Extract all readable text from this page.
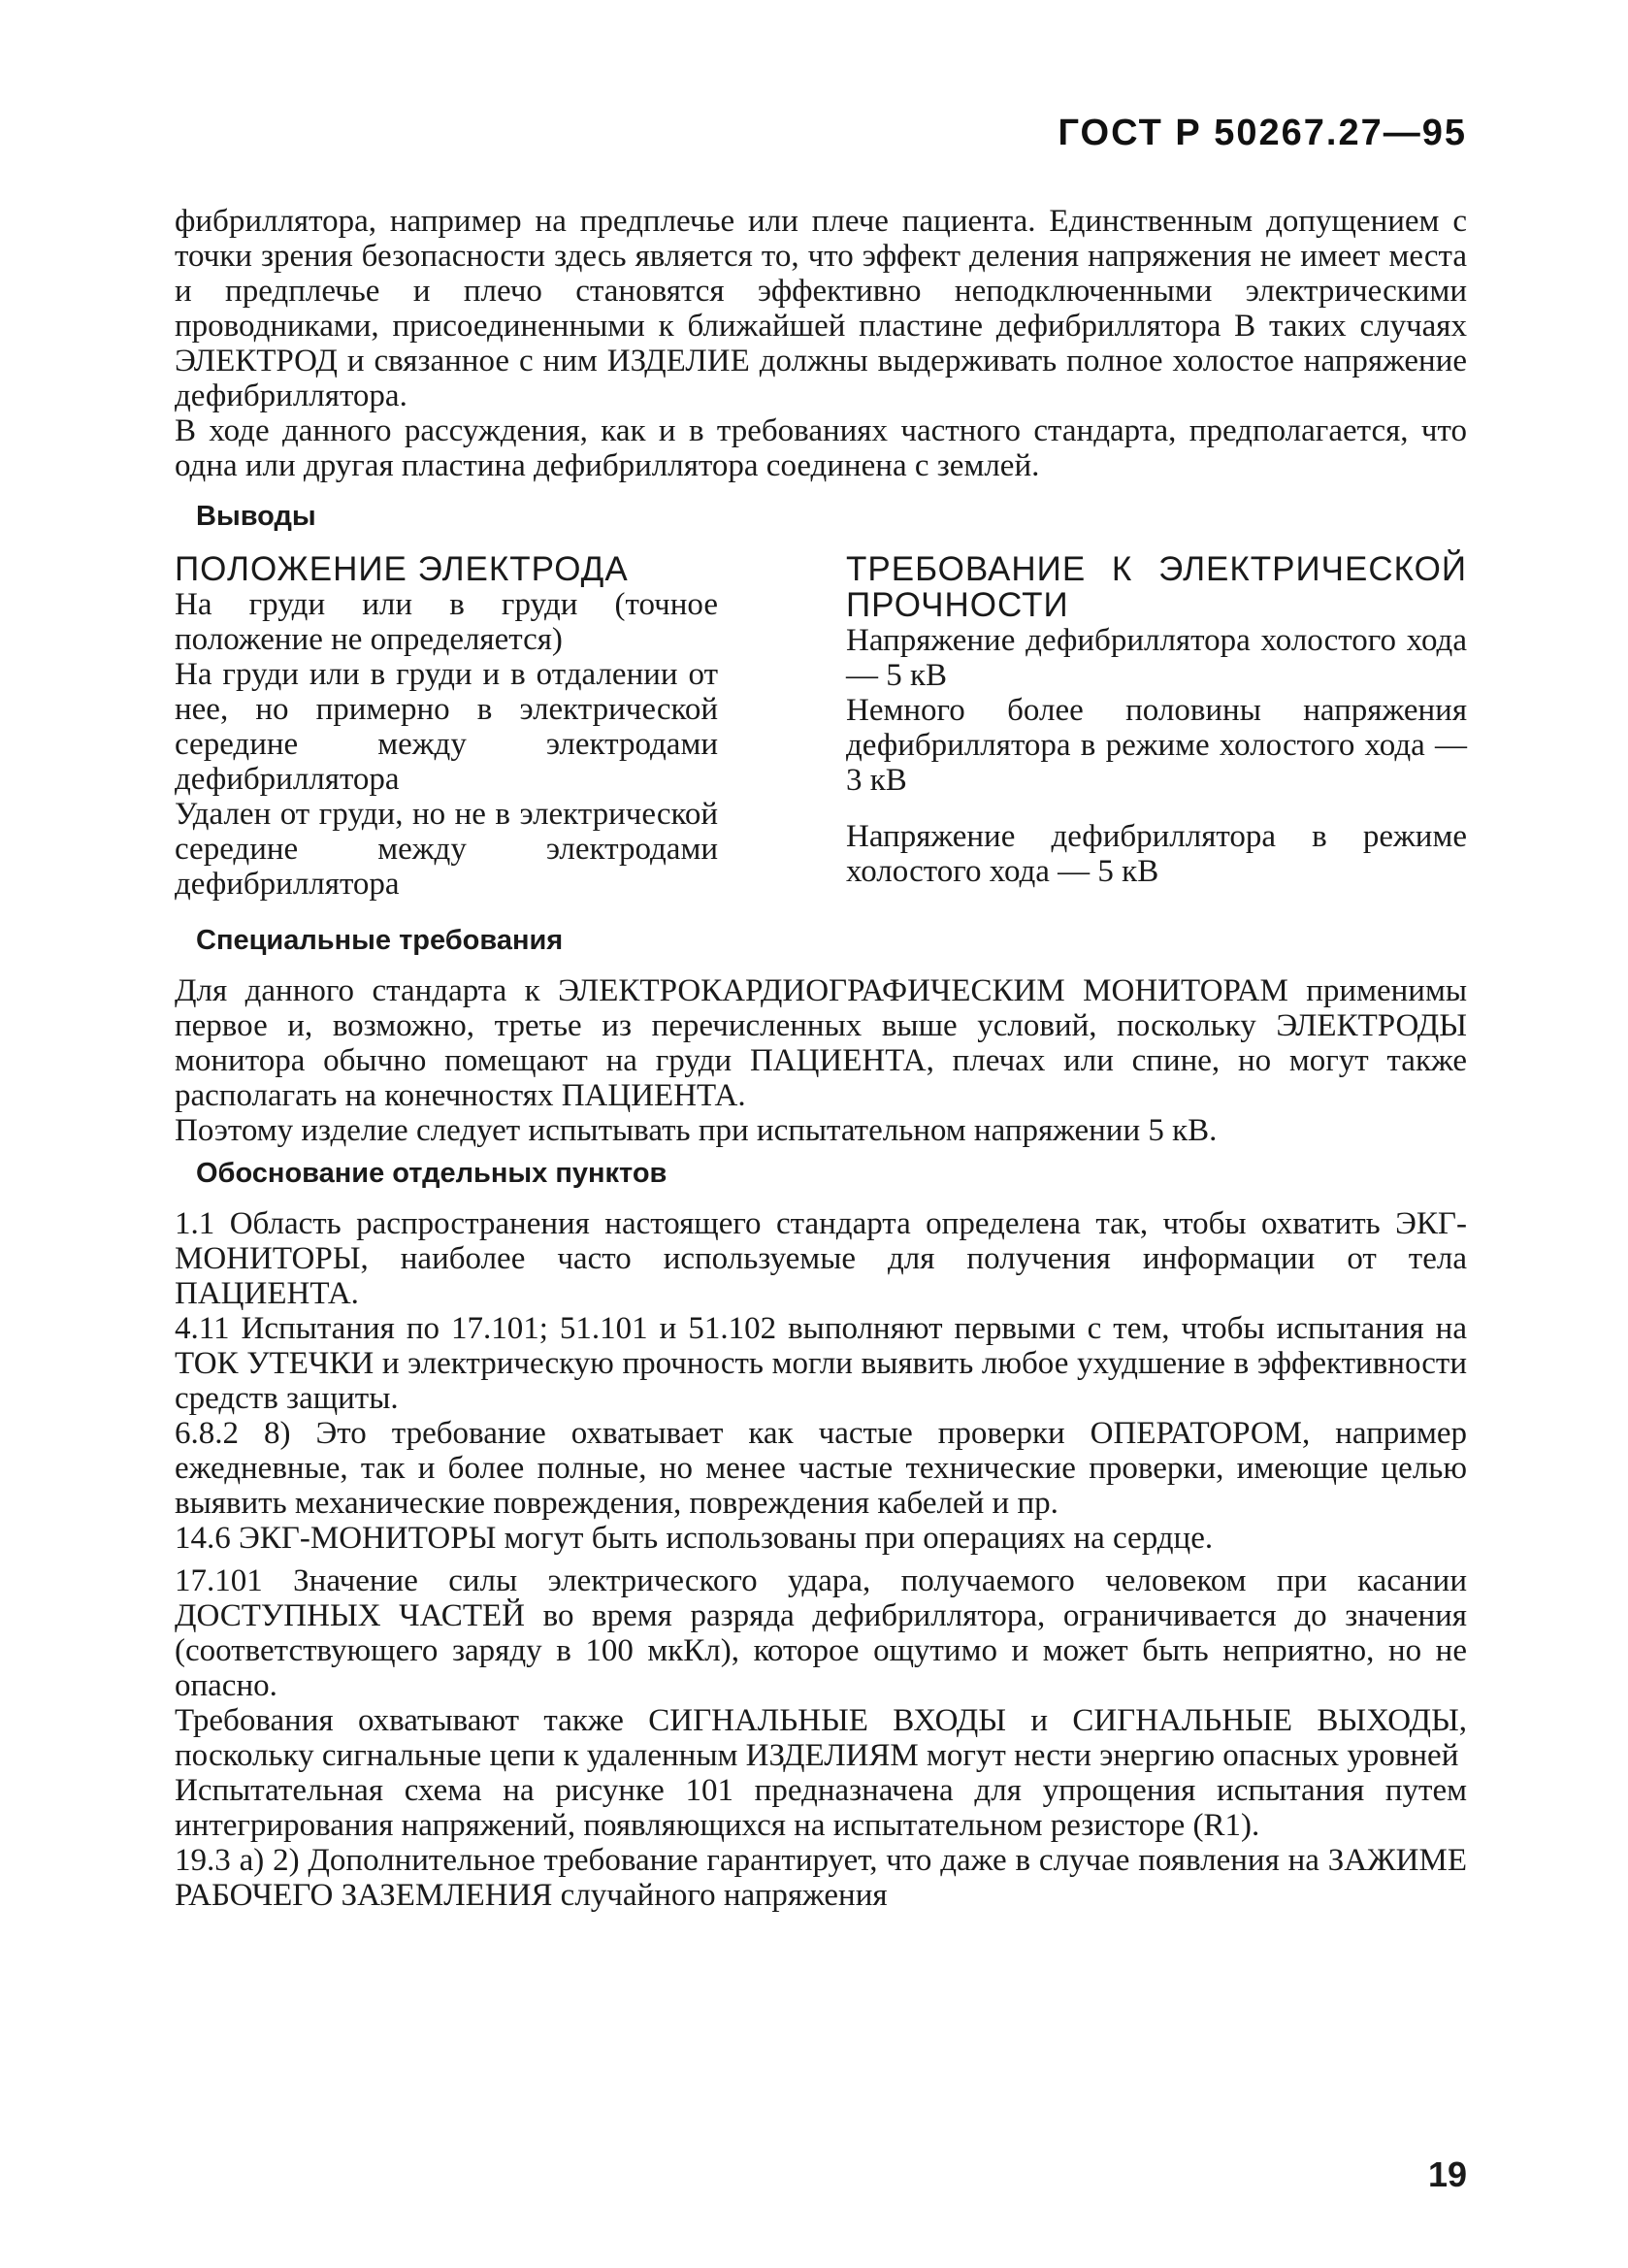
ГОСТ Р 50267.27—95

фибриллятора, например на предплечье или плече пациента. Единственным допущением с точки зрения безопасности здесь является то, что эффект деления напряжения не имеет места и предплечье и плечо становятся эффективно неподключенными электрическими проводниками, присоединенными к ближайшей пластине дефибриллятора В таких случаях ЭЛЕКТРОД и связанное с ним ИЗДЕЛИЕ должны выдерживать полное холостое напряжение дефибриллятора.

В ходе данного рассуждения, как и в требованиях частного стандарта, предполагается, что одна или другая пластина дефибриллятора соединена с землей.

Выводы
ПОЛОЖЕНИЕ ЭЛЕКТРОДА

На груди или в груди (точное положение не определяется)

На груди или в груди и в отдалении от нее, но примерно в электрической середине между электродами дефибриллятора

Удален от груди, но не в электрической середине между электродами дефибриллятора

ТРЕБОВАНИЕ К ЭЛЕКТРИЧЕСКОЙ ПРОЧНОСТИ

Напряжение дефибриллятора холостого хода — 5 кВ

Немного более половины напряжения дефибриллятора в режиме холостого хода — 3 кВ

Напряжение дефибриллятора в режиме холостого хода — 5 кВ

Специальные требования

Для данного стандарта к ЭЛЕКТРОКАРДИОГРАФИЧЕСКИМ МОНИТОРАМ применимы первое и, возможно, третье из перечисленных выше условий, поскольку ЭЛЕКТРОДЫ монитора обычно помещают на груди ПАЦИЕНТА, плечах или спине, но могут также располагать на конечностях ПАЦИЕНТА.

Поэтому изделие следует испытывать при испытательном напряжении 5 кВ.

Обоснование отдельных пунктов

1.1 Область распространения настоящего стандарта определена так, чтобы охватить ЭКГ-МОНИТОРЫ, наиболее часто используемые для получения информации от тела ПАЦИЕНТА.

4.11 Испытания по 17.101; 51.101 и 51.102 выполняют первыми с тем, чтобы испытания на ТОК УТЕЧКИ и электрическую прочность могли выявить любое ухудшение в эффективности средств защиты.

6.8.2 8) Это требование охватывает как частые проверки ОПЕРАТОРОМ, например ежедневные, так и более полные, но менее частые технические проверки, имеющие целью выявить механические повреждения, повреждения кабелей и пр.

14.6 ЭКГ-МОНИТОРЫ могут быть использованы при операциях на сердце.

17.101 Значение силы электрического удара, получаемого человеком при касании ДОСТУПНЫХ ЧАСТЕЙ во время разряда дефибриллятора, ограничивается до значения (соответствующего заряду в 100 мкКл), которое ощутимо и может быть неприятно, но не опасно.

Требования охватывают также СИГНАЛЬНЫЕ ВХОДЫ и СИГНАЛЬНЫЕ ВЫХОДЫ, поскольку сигнальные цепи к удаленным ИЗДЕЛИЯМ могут нести энергию опасных уровней

Испытательная схема на рисунке 101 предназначена для упрощения испытания путем интегрирования напряжений, появляющихся на испытательном резисторе (R1).

19.3 а) 2) Дополнительное требование гарантирует, что даже в случае появления на ЗАЖИМЕ РАБОЧЕГО ЗАЗЕМЛЕНИЯ случайного напряжения

19
